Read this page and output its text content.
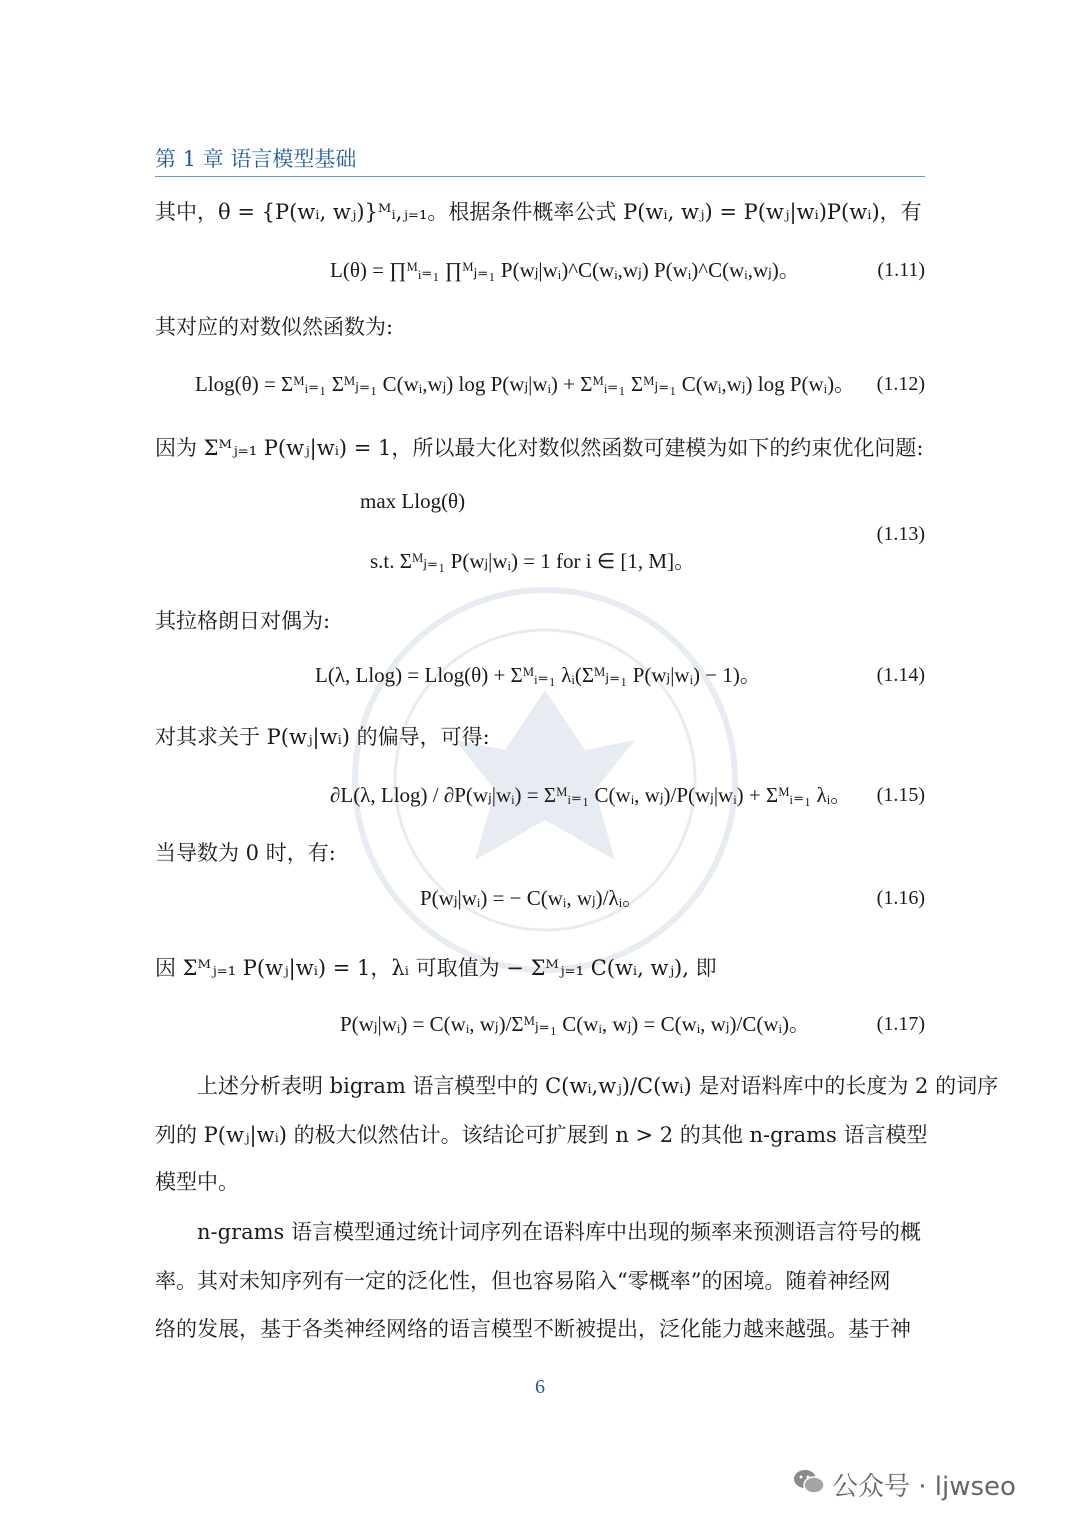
第 1 章 语言模型基础
其中，θ = {P(wᵢ, wⱼ)}ᴹᵢ,ⱼ₌₁。根据条件概率公式 P(wᵢ, wⱼ) = P(wⱼ|wᵢ)P(wᵢ)，有
L(θ) = ∏ᴹᵢ₌₁ ∏ᴹⱼ₌₁ P(wⱼ|wᵢ)^C(wᵢ,wⱼ) P(wᵢ)^C(wᵢ,wⱼ)。	(1.11)
其对应的对数似然函数为:
Llog(θ) = Σᴹᵢ₌₁ Σᴹⱼ₌₁ C(wᵢ,wⱼ) log P(wⱼ|wᵢ) + Σᴹᵢ₌₁ Σᴹⱼ₌₁ C(wᵢ,wⱼ) log P(wᵢ)。 (1.12)
因为 Σᴹⱼ₌₁ P(wⱼ|wᵢ) = 1，所以最大化对数似然函数可建模为如下的约束优化问题:
max Llog(θ)
s.t. Σᴹⱼ₌₁ P(wⱼ|wᵢ) = 1 for i ∈ [1, M]。
(1.13)
其拉格朗日对偶为:
L(λ, Llog) = Llog(θ) + Σᴹᵢ₌₁ λᵢ(Σᴹⱼ₌₁ P(wⱼ|wᵢ) − 1)。	(1.14)
对其求关于 P(wⱼ|wᵢ) 的偏导，可得:
∂L(λ, Llog) / ∂P(wⱼ|wᵢ) = Σᴹᵢ₌₁ C(wᵢ, wⱼ)/P(wⱼ|wᵢ) + Σᴹᵢ₌₁ λᵢ。 (1.15)
当导数为 0 时，有:
P(wⱼ|wᵢ) = − C(wᵢ, wⱼ)/λᵢ。	(1.16)
因 Σᴹⱼ₌₁ P(wⱼ|wᵢ) = 1，λᵢ 可取值为 − Σᴹⱼ₌₁ C(wᵢ, wⱼ), 即
P(wⱼ|wᵢ) = C(wᵢ, wⱼ)/Σᴹⱼ₌₁ C(wᵢ, wⱼ) = C(wᵢ, wⱼ)/C(wᵢ)。	(1.17)
上述分析表明 bigram 语言模型中的 C(wᵢ,wⱼ)/C(wᵢ) 是对语料库中的长度为 2 的词序
列的 P(wⱼ|wᵢ) 的极大似然估计。该结论可扩展到 n > 2 的其他 n-grams 语言模型
模型中。
n-grams 语言模型通过统计词序列在语料库中出现的频率来预测语言符号的概
率。其对未知序列有一定的泛化性，但也容易陷入“零概率”的困境。随着神经网
络的发展，基于各类神经网络的语言模型不断被提出，泛化能力越来越强。基于神
6
公众号 · ljwseo
